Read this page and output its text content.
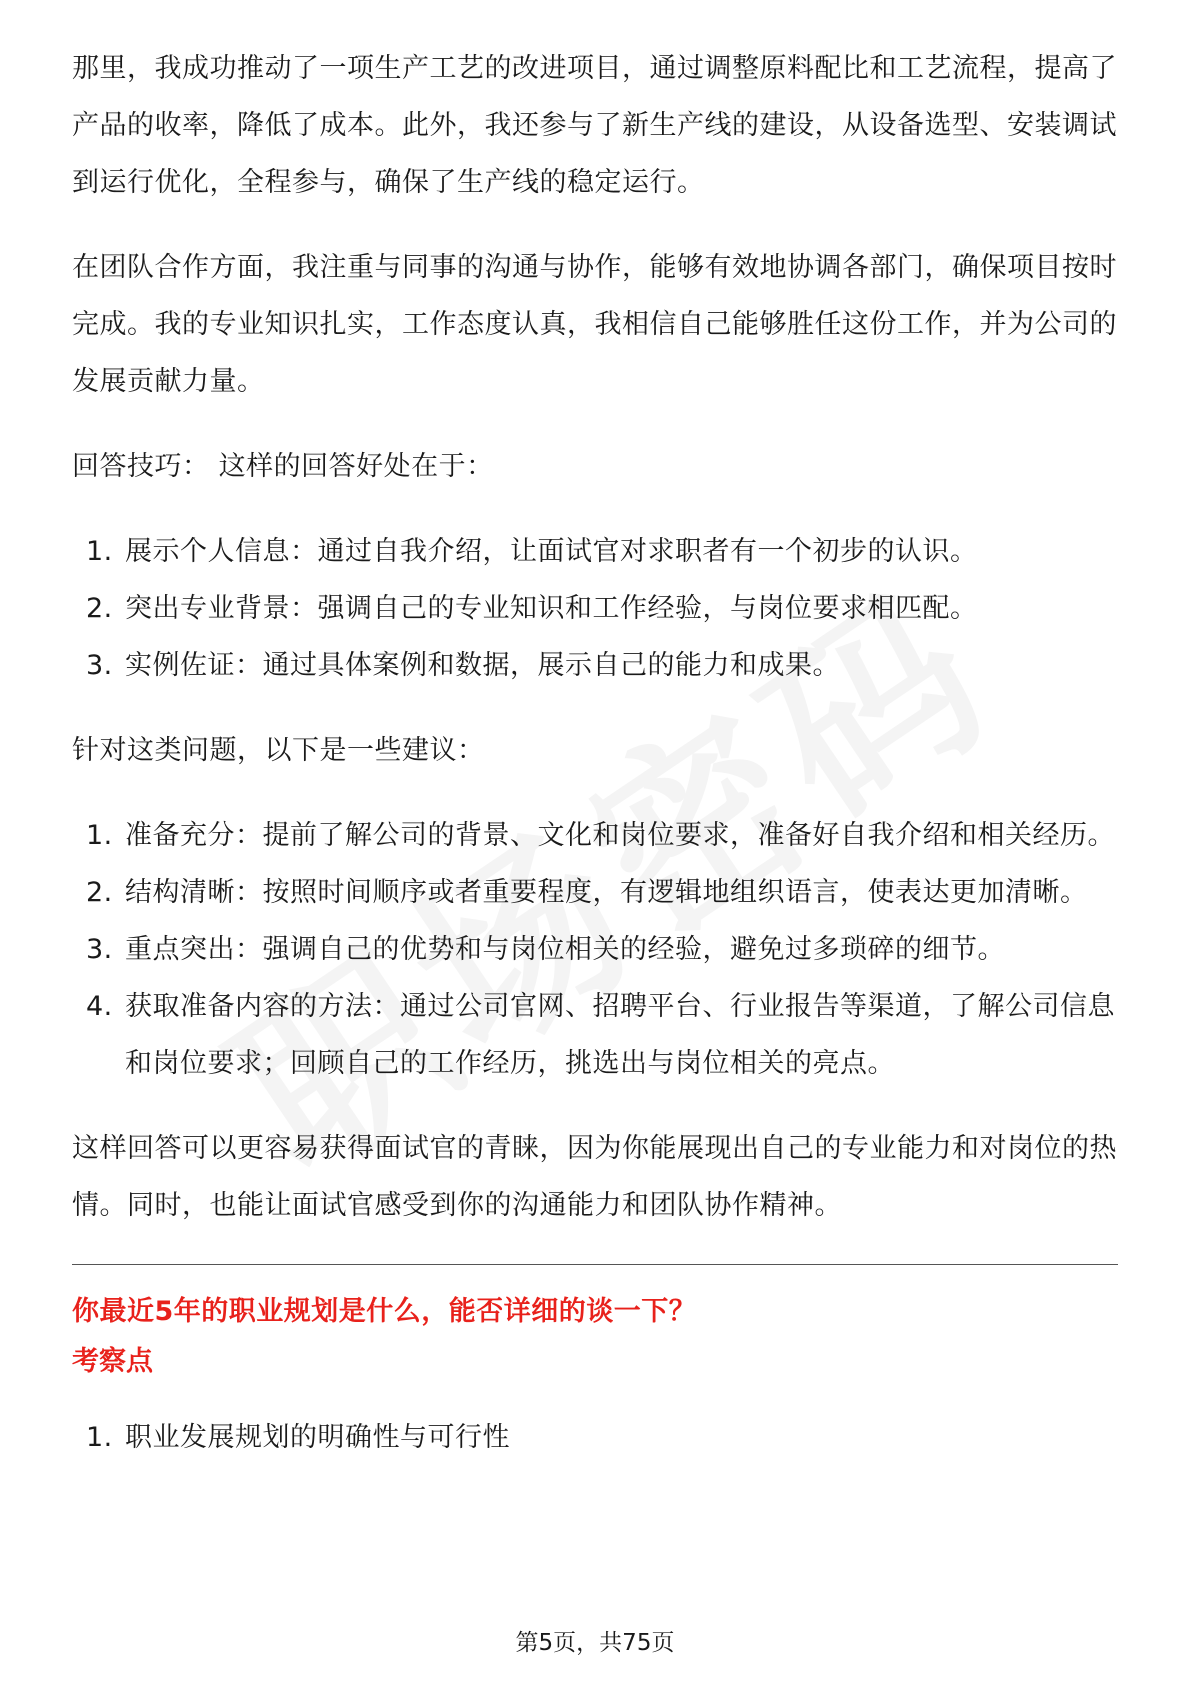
那里，我成功推动了一项生产工艺的改进项目，通过调整原料配比和工艺流程，提高了产品的收率，降低了成本。此外，我还参与了新生产线的建设，从设备选型、安装调试到运行优化，全程参与，确保了生产线的稳定运行。

在团队合作方面，我注重与同事的沟通与协作，能够有效地协调各部门，确保项目按时完成。我的专业知识扎实，工作态度认真，我相信自己能够胜任这份工作，并为公司的发展贡献力量。

回答技巧： 这样的回答好处在于：

1. 展示个人信息：通过自我介绍，让面试官对求职者有一个初步的认识。
2. 突出专业背景：强调自己的专业知识和工作经验，与岗位要求相匹配。
3. 实例佐证：通过具体案例和数据，展示自己的能力和成果。

针对这类问题，以下是一些建议：

1. 准备充分：提前了解公司的背景、文化和岗位要求，准备好自我介绍和相关经历。
2. 结构清晰：按照时间顺序或者重要程度，有逻辑地组织语言，使表达更加清晰。
3. 重点突出：强调自己的优势和与岗位相关的经验，避免过多琐碎的细节。
4. 获取准备内容的方法：通过公司官网、招聘平台、行业报告等渠道，了解公司信息和岗位要求；回顾自己的工作经历，挑选出与岗位相关的亮点。

这样回答可以更容易获得面试官的青睐，因为你能展现出自己的专业能力和对岗位的热情。同时，也能让面试官感受到你的沟通能力和团队协作精神。

你最近5年的职业规划是什么，能否详细的谈一下？

考察点

1. 职业发展规划的明确性与可行性
第5页，共75页
